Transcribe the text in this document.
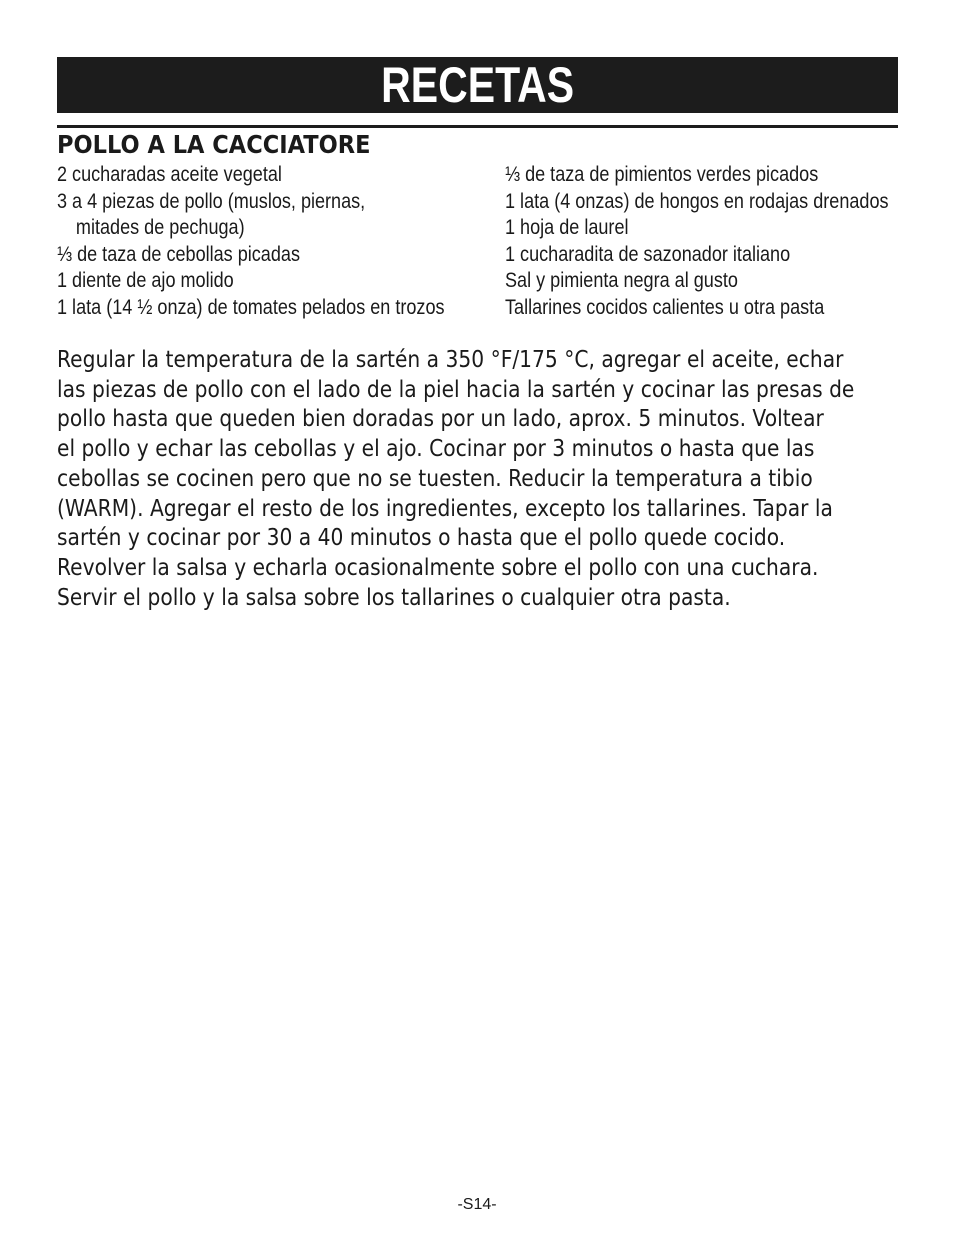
RECETAS
POLLO A LA CACCIATORE
2 cucharadas aceite vegetal
3 a 4 piezas de pollo (muslos, piernas,
mitades de pechuga)
⅓ de taza de cebollas picadas
1 diente de ajo molido
1 lata (14 ½ onza) de tomates pelados en trozos
⅓ de taza de pimientos verdes picados
1 lata (4 onzas) de hongos en rodajas drenados
1 hoja de laurel
1 cucharadita de sazonador italiano
Sal y pimienta negra al gusto
Tallarines cocidos calientes u otra pasta
Regular la temperatura de la sartén a 350 °F/175 °C, agregar el aceite, echar
las piezas de pollo con el lado de la piel hacia la sartén y cocinar las presas de
pollo hasta que queden bien doradas por un lado, aprox. 5 minutos. Voltear
el pollo y echar las cebollas y el ajo. Cocinar por 3 minutos o hasta que las
cebollas se cocinen pero que no se tuesten. Reducir la temperatura a tibio
(WARM). Agregar el resto de los ingredientes, excepto los tallarines. Tapar la
sartén y cocinar por 30 a 40 minutos o hasta que el pollo quede cocido.
Revolver la salsa y echarla ocasionalmente sobre el pollo con una cuchara.
Servir el pollo y la salsa sobre los tallarines o cualquier otra pasta.
-S14-
